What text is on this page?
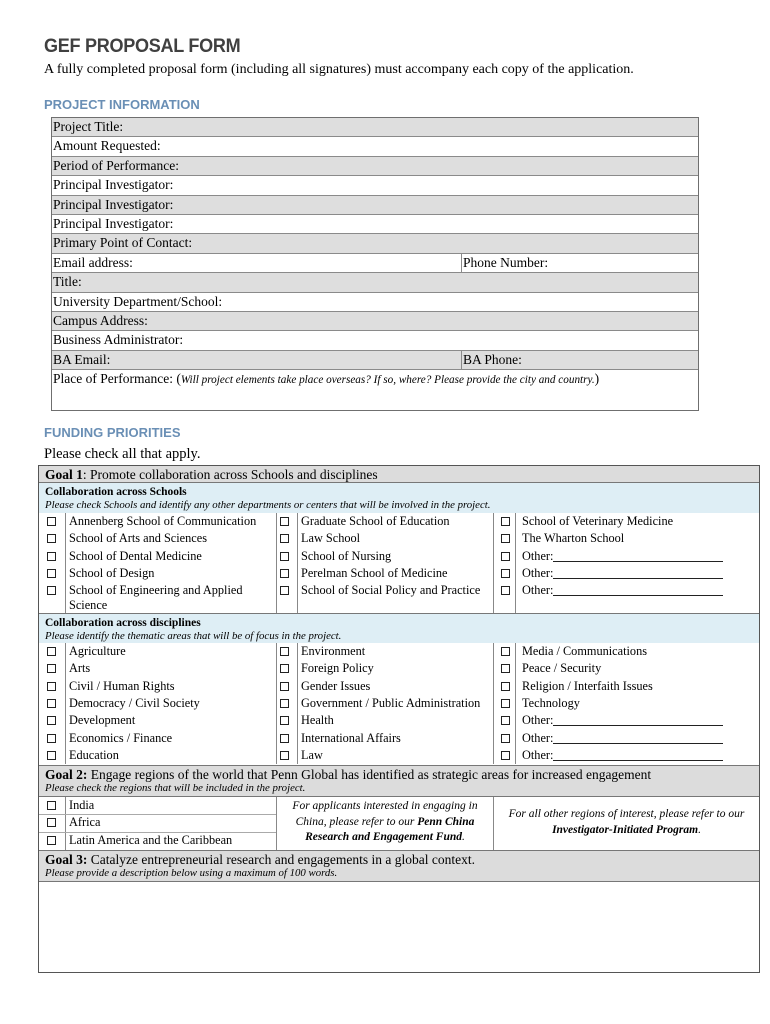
GEF PROPOSAL FORM
A fully completed proposal form (including all signatures) must accompany each copy of the application.
PROJECT INFORMATION
Project Title:
Amount Requested:
Period of Performance:
Principal Investigator:
Principal Investigator:
Principal Investigator:
Primary Point of Contact:
Email address:	Phone Number:
Title:
University Department/School:
Campus Address:
Business Administrator:
BA Email:	BA Phone:
Place of Performance: (Will project elements take place overseas? If so, where? Please provide the city and country.)
FUNDING PRIORITIES
Please check all that apply.
Goal 1: Promote collaboration across Schools and disciplines
Collaboration across Schools
Please check Schools and identify any other departments or centers that will be involved in the project.
Annenberg School of Communication
School of Arts and Sciences
School of Dental Medicine
School of Design
School of Engineering and Applied
Science
Graduate School of Education
Law School
School of Nursing
Perelman School of Medicine
School of Social Policy and Practice
School of Veterinary Medicine
The Wharton School
Other:
Other:
Other:
Collaboration across disciplines
Please identify the thematic areas that will be of focus in the project.
Agriculture
Arts
Civil / Human Rights
Democracy / Civil Society
Development
Economics / Finance
Education
Environment
Foreign Policy
Gender Issues
Government / Public Administration
Health
International Affairs
Law
Media / Communications
Peace / Security
Religion / Interfaith Issues
Technology
Other:
Other:
Other:
Goal 2: Engage regions of the world that Penn Global has identified as strategic areas for increased engagement
Please check the regions that will be included in the project.
India
Africa
Latin America and the Caribbean
For applicants interested in engaging in China, please refer to our Penn China Research and Engagement Fund.
For all other regions of interest, please refer to our Investigator-Initiated Program.
Goal 3: Catalyze entrepreneurial research and engagements in a global context.
Please provide a description below using a maximum of 100 words.
